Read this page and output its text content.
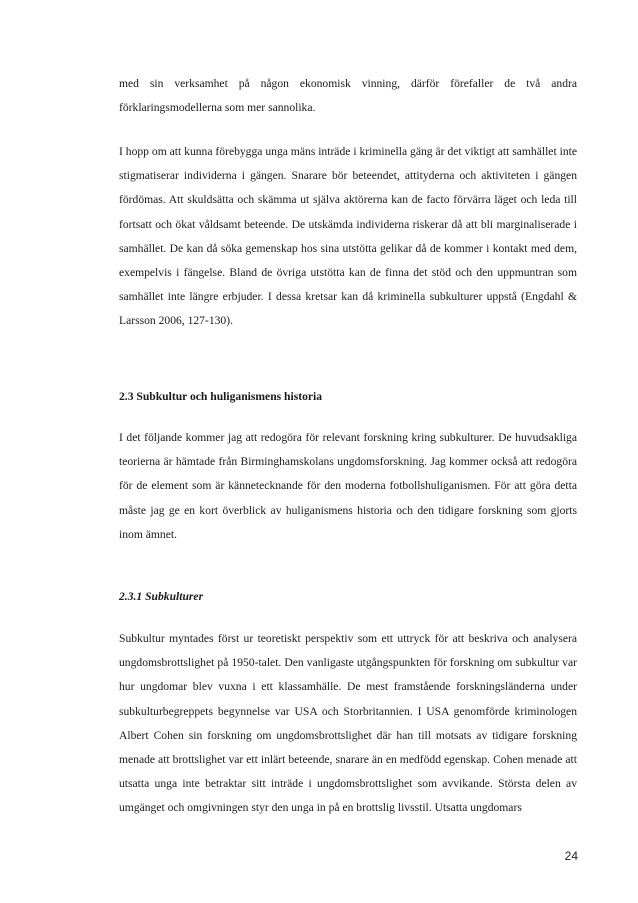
med sin verksamhet på någon ekonomisk vinning, därför förefaller de två andra förklaringsmodellerna som mer sannolika.

I hopp om att kunna förebygga unga mäns inträde i kriminella gäng är det viktigt att samhället inte stigmatiserar individerna i gängen. Snarare bör beteendet, attityderna och aktiviteten i gängen fördömas. Att skuldsätta och skämma ut själva aktörerna kan de facto förvärra läget och leda till fortsatt och ökat våldsamt beteende. De utskämda individerna riskerar då att bli marginaliserade i samhället. De kan då söka gemenskap hos sina utstötta gelikar då de kommer i kontakt med dem, exempelvis i fängelse. Bland de övriga utstötta kan de finna det stöd och den uppmuntran som samhället inte längre erbjuder. I dessa kretsar kan då kriminella subkulturer uppstå (Engdahl & Larsson 2006, 127-130).

2.3 Subkultur och huliganismens historia

I det följande kommer jag att redogöra för relevant forskning kring subkulturer. De huvudsakliga teorierna är hämtade från Birminghamskolans ungdomsforskning. Jag kommer också att redogöra för de element som är kännetecknande för den moderna fotbollshuliganismen. För att göra detta måste jag ge en kort överblick av huliganismens historia och den tidigare forskning som gjorts inom ämnet.

2.3.1 Subkulturer

Subkultur myntades först ur teoretiskt perspektiv som ett uttryck för att beskriva och analysera ungdomsbrottslighet på 1950-talet. Den vanligaste utgångspunkten för forskning om subkultur var hur ungdomar blev vuxna i ett klassamhälle. De mest framstående forskningsländerna under subkulturbegreppets begynnelse var USA och Storbritannien. I USA genomförde kriminologen Albert Cohen sin forskning om ungdomsbrottslighet där han till motsats av tidigare forskning menade att brottslighet var ett inlärt beteende, snarare än en medfödd egenskap. Cohen menade att utsatta unga inte betraktar sitt inträde i ungdomsbrottslighet som avvikande. Största delen av umgänget och omgivningen styr den unga in på en brottslig livsstil. Utsatta ungdomars

24
